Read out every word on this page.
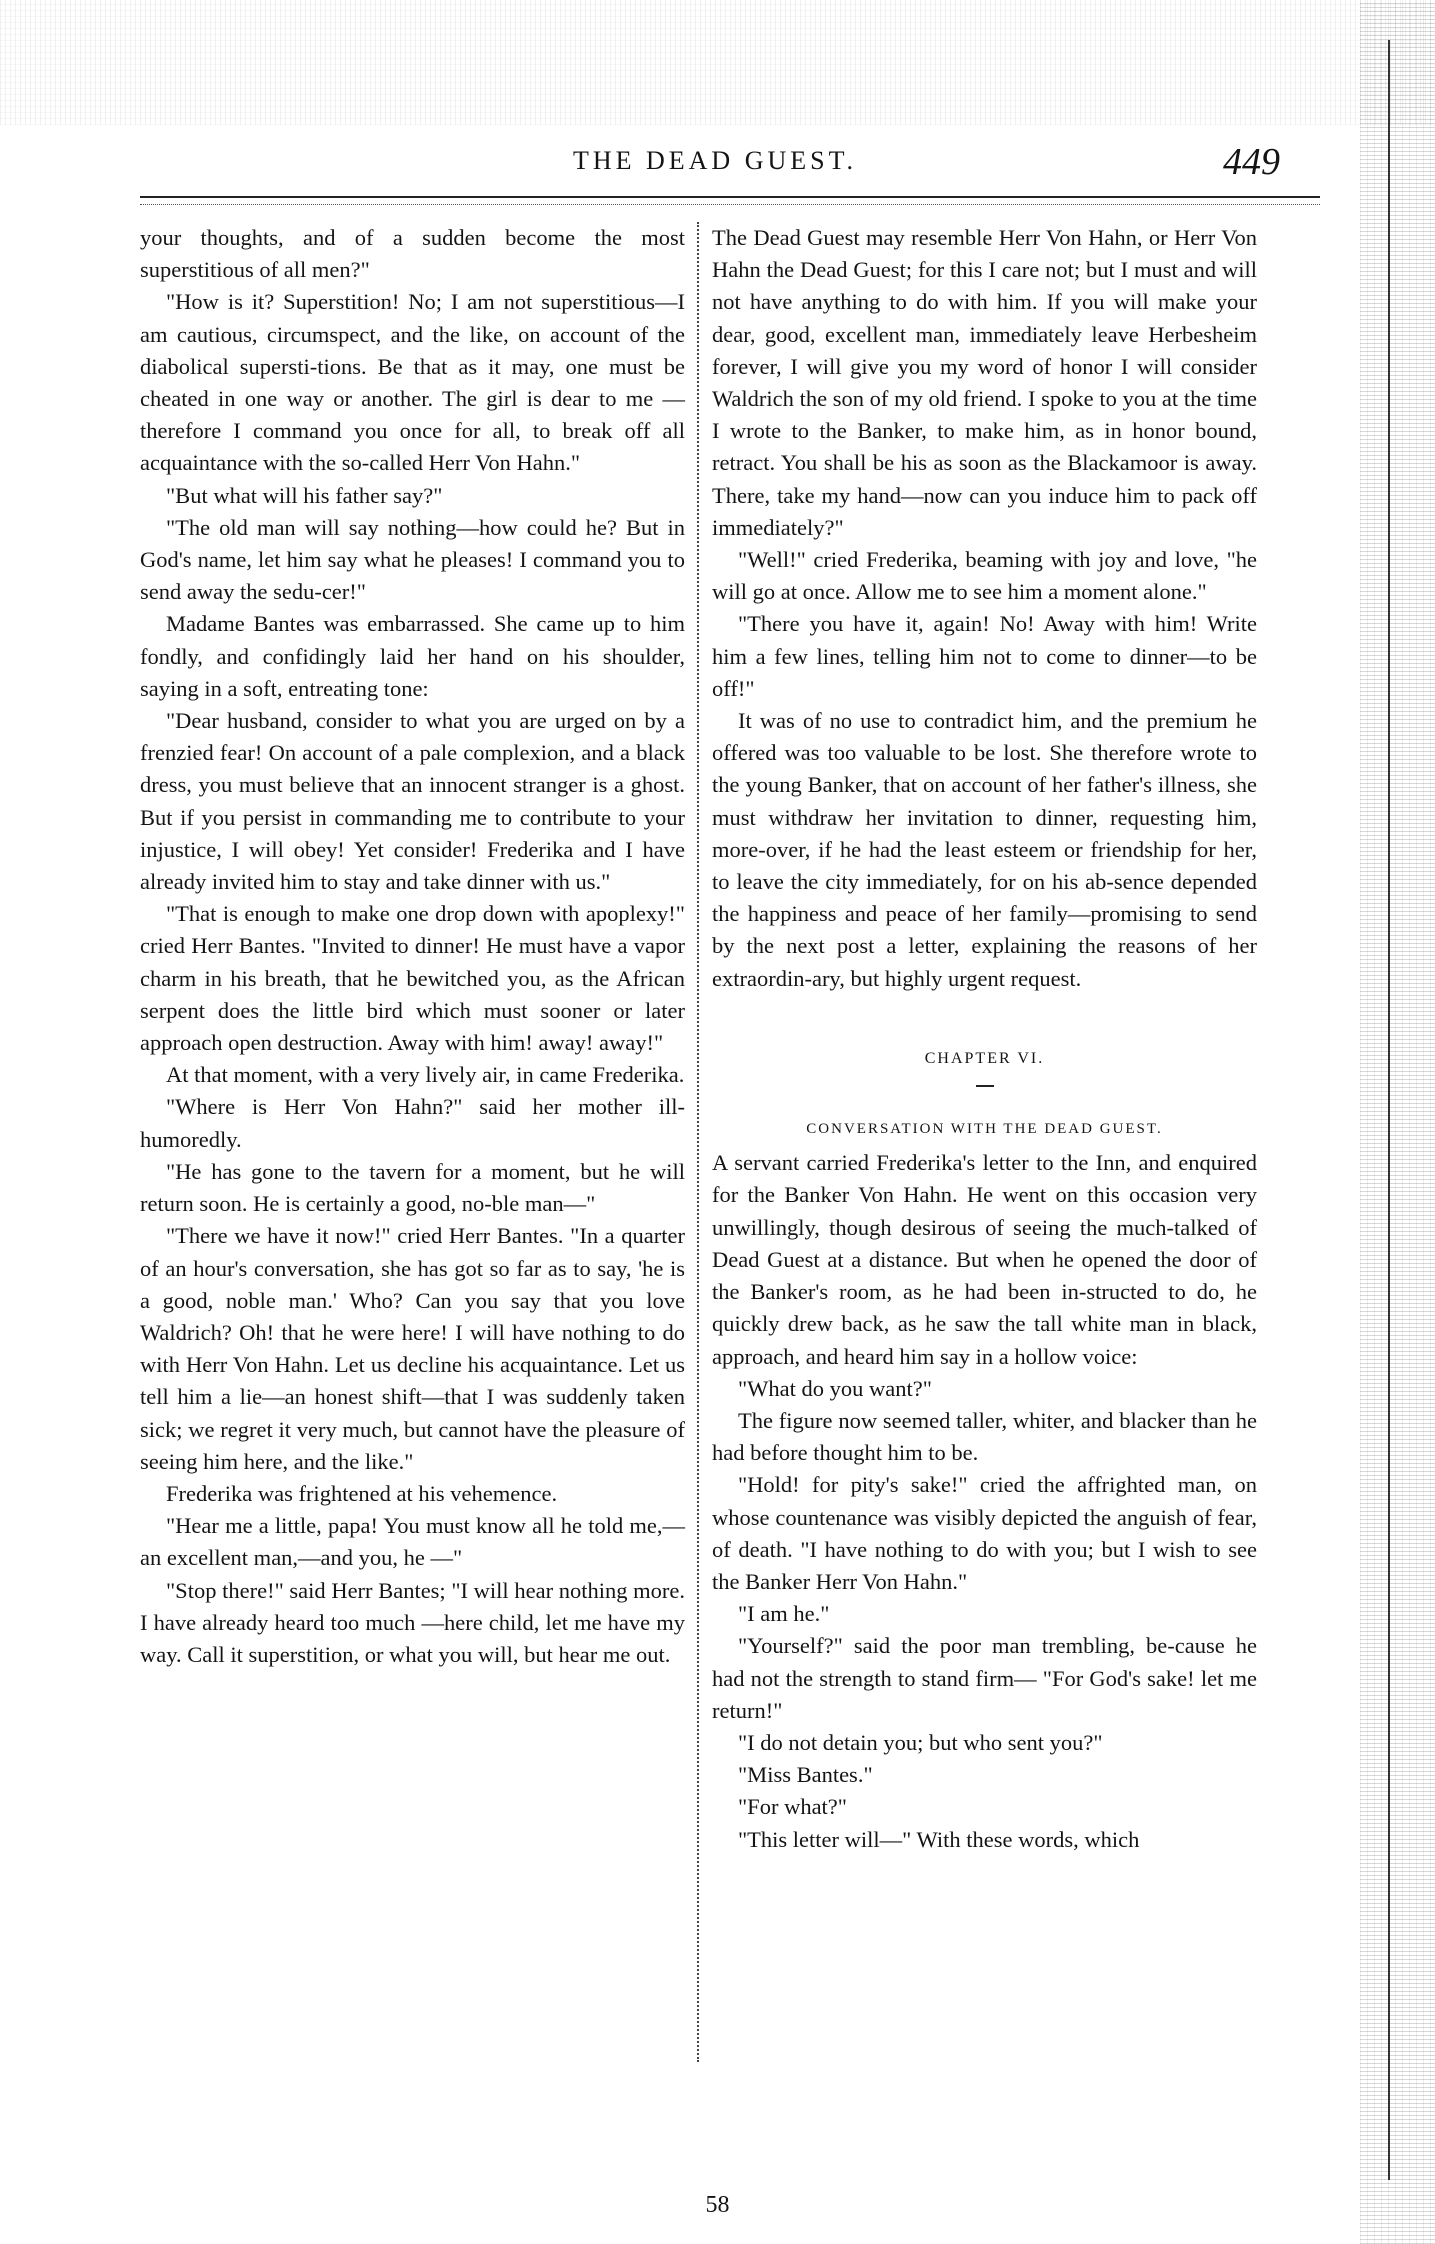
THE DEAD GUEST.	449

your thoughts, and of a sudden become the most superstitious of all men?"

"How is it? Superstition! No; I am not superstitious—I am cautious, circumspect, and the like, on account of the diabolical supersti-tions. Be that as it may, one must be cheated in one way or another. The girl is dear to me —therefore I command you once for all, to break off all acquaintance with the so-called Herr Von Hahn."

"But what will his father say?"

"The old man will say nothing—how could he? But in God's name, let him say what he pleases! I command you to send away the sedu-cer!"

Madame Bantes was embarrassed. She came up to him fondly, and confidingly laid her hand on his shoulder, saying in a soft, entreating tone:

"Dear husband, consider to what you are urged on by a frenzied fear! On account of a pale complexion, and a black dress, you must believe that an innocent stranger is a ghost. But if you persist in commanding me to contribute to your injustice, I will obey! Yet consider! Frederika and I have already invited him to stay and take dinner with us."

"That is enough to make one drop down with apoplexy!" cried Herr Bantes. "Invited to dinner! He must have a vapor charm in his breath, that he bewitched you, as the African serpent does the little bird which must sooner or later approach open destruction. Away with him! away! away!"

At that moment, with a very lively air, in came Frederika.

"Where is Herr Von Hahn?" said her mother ill-humoredly.

"He has gone to the tavern for a moment, but he will return soon. He is certainly a good, no-ble man—"

"There we have it now!" cried Herr Bantes. "In a quarter of an hour's conversation, she has got so far as to say, 'he is a good, noble man.' Who? Can you say that you love Waldrich? Oh! that he were here! I will have nothing to do with Herr Von Hahn. Let us decline his acquaintance. Let us tell him a lie—an honest shift—that I was suddenly taken sick; we regret it very much, but cannot have the pleasure of seeing him here, and the like."

Frederika was frightened at his vehemence.

"Hear me a little, papa! You must know all he told me,—an excellent man,—and you, he —"

"Stop there!" said Herr Bantes; "I will hear nothing more. I have already heard too much —here child, let me have my way. Call it superstition, or what you will, but hear me out.

The Dead Guest may resemble Herr Von Hahn, or Herr Von Hahn the Dead Guest; for this I care not; but I must and will not have anything to do with him. If you will make your dear, good, excellent man, immediately leave Herbesheim forever, I will give you my word of honor I will consider Waldrich the son of my old friend. I spoke to you at the time I wrote to the Banker, to make him, as in honor bound, retract. You shall be his as soon as the Blackamoor is away. There, take my hand—now can you induce him to pack off immediately?"

"Well!" cried Frederika, beaming with joy and love, "he will go at once. Allow me to see him a moment alone."

"There you have it, again! No! Away with him! Write him a few lines, telling him not to come to dinner—to be off!"

It was of no use to contradict him, and the premium he offered was too valuable to be lost. She therefore wrote to the young Banker, that on account of her father's illness, she must withdraw her invitation to dinner, requesting him, more-over, if he had the least esteem or friendship for her, to leave the city immediately, for on his ab-sence depended the happiness and peace of her family—promising to send by the next post a letter, explaining the reasons of her extraordin-ary, but highly urgent request.

CHAPTER VI.
CONVERSATION WITH THE DEAD GUEST.

A servant carried Frederika's letter to the Inn, and enquired for the Banker Von Hahn. He went on this occasion very unwillingly, though desirous of seeing the much-talked of Dead Guest at a distance. But when he opened the door of the Banker's room, as he had been in-structed to do, he quickly drew back, as he saw the tall white man in black, approach, and heard him say in a hollow voice:

"What do you want?"

The figure now seemed taller, whiter, and blacker than he had before thought him to be.

"Hold! for pity's sake!" cried the affrighted man, on whose countenance was visibly depicted the anguish of fear, of death. "I have nothing to do with you; but I wish to see the Banker Herr Von Hahn."

"I am he."

"Yourself?" said the poor man trembling, be-cause he had not the strength to stand firm— "For God's sake! let me return!"

"I do not detain you; but who sent you?"

"Miss Bantes."

"For what?"

"This letter will—" With these words, which

58
